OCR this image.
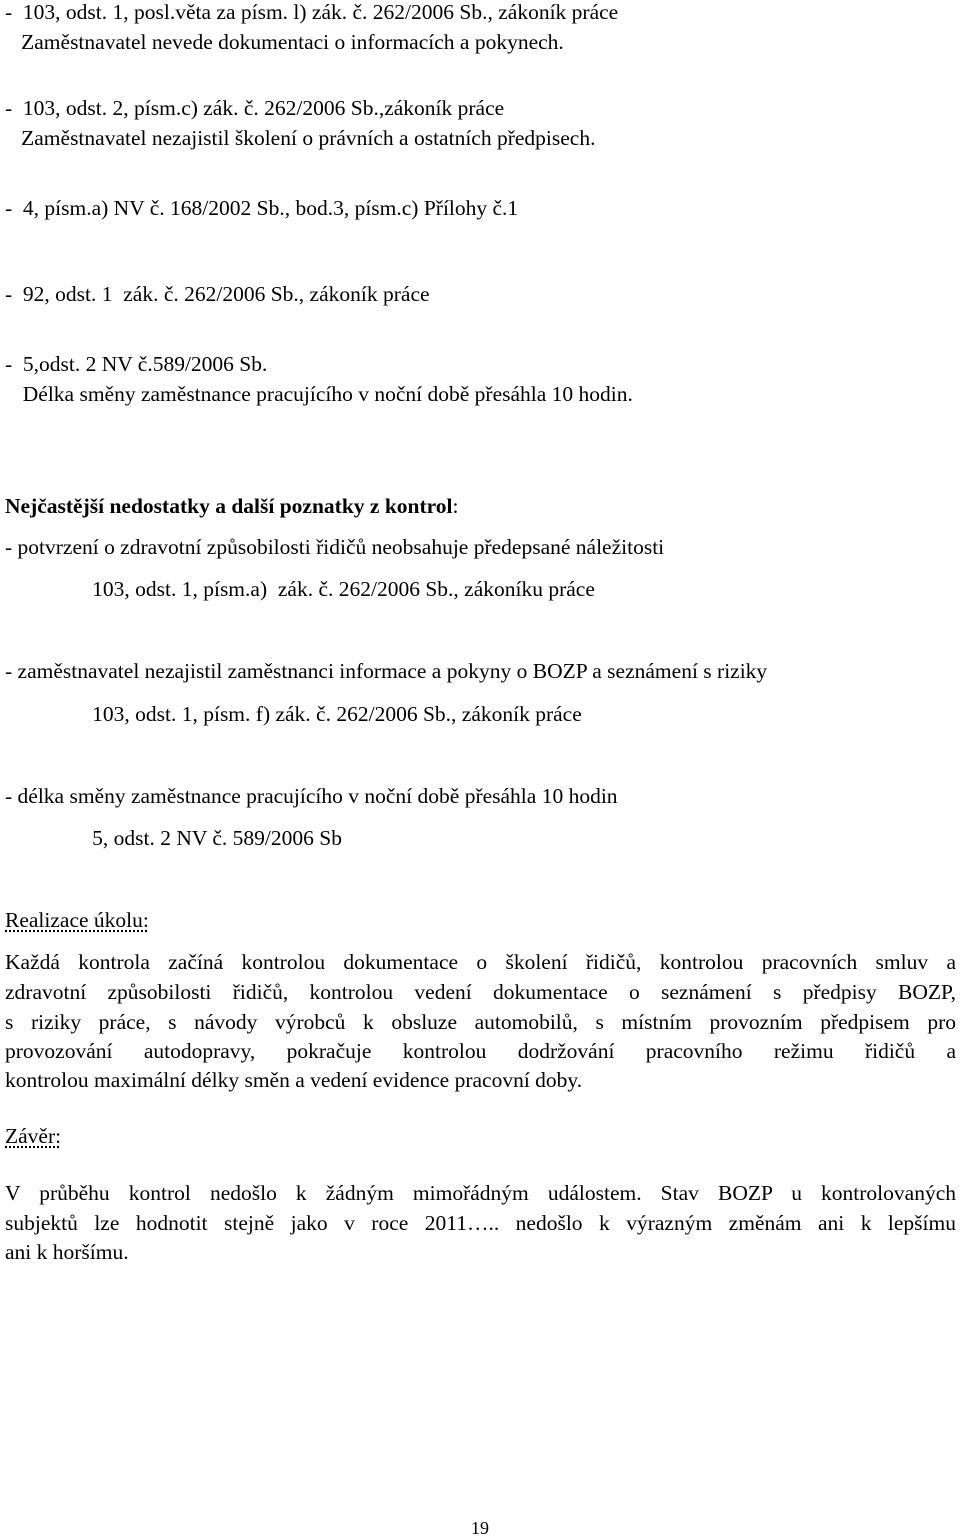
-  103, odst. 1, posl.věta za písm. l) zák. č. 262/2006 Sb., zákoník práce
Zaměstnavatel nevede dokumentaci o informacích a pokynech.
-  103, odst. 2, písm.c) zák. č. 262/2006 Sb.,zákoník práce
Zaměstnavatel nezajistil školení o právních a ostatních předpisech.
-  4, písm.a) NV č. 168/2002 Sb., bod.3, písm.c) Přílohy č.1
-  92, odst. 1  zák. č. 262/2006 Sb., zákoník práce
-  5,odst. 2 NV č.589/2006 Sb.
Délka směny zaměstnance pracujícího v noční době přesáhla 10 hodin.
Nejčastější nedostatky a další poznatky z kontrol:
- potvrzení o zdravotní způsobilosti řidičů neobsahuje předepsané náležitosti
103, odst. 1, písm.a)  zák. č. 262/2006 Sb., zákoníku práce
- zaměstnavatel nezajistil zaměstnanci informace a pokyny o BOZP a seznámení s riziky
103, odst. 1, písm. f) zák. č. 262/2006 Sb., zákoník práce
- délka směny zaměstnance pracujícího v noční době přesáhla 10 hodin
5, odst. 2 NV č. 589/2006 Sb
Realizace úkolu:
Každá kontrola začíná kontrolou dokumentace o školení řidičů, kontrolou pracovních smluv a
zdravotní způsobilosti řidičů, kontrolou vedení dokumentace o seznámení s předpisy BOZP,
s riziky práce, s návody výrobců k obsluze automobilů, s místním provozním předpisem pro
provozování autodopravy, pokračuje kontrolou dodržování pracovního režimu řidičů a
kontrolou maximální délky směn a vedení evidence pracovní doby.
Závěr:
V průběhu kontrol nedošlo k žádným mimořádným událostem. Stav BOZP u kontrolovaných
subjektů lze hodnotit stejně jako v roce 2011….. nedošlo k výrazným změnám ani k lepšímu
ani k horšímu.
19
